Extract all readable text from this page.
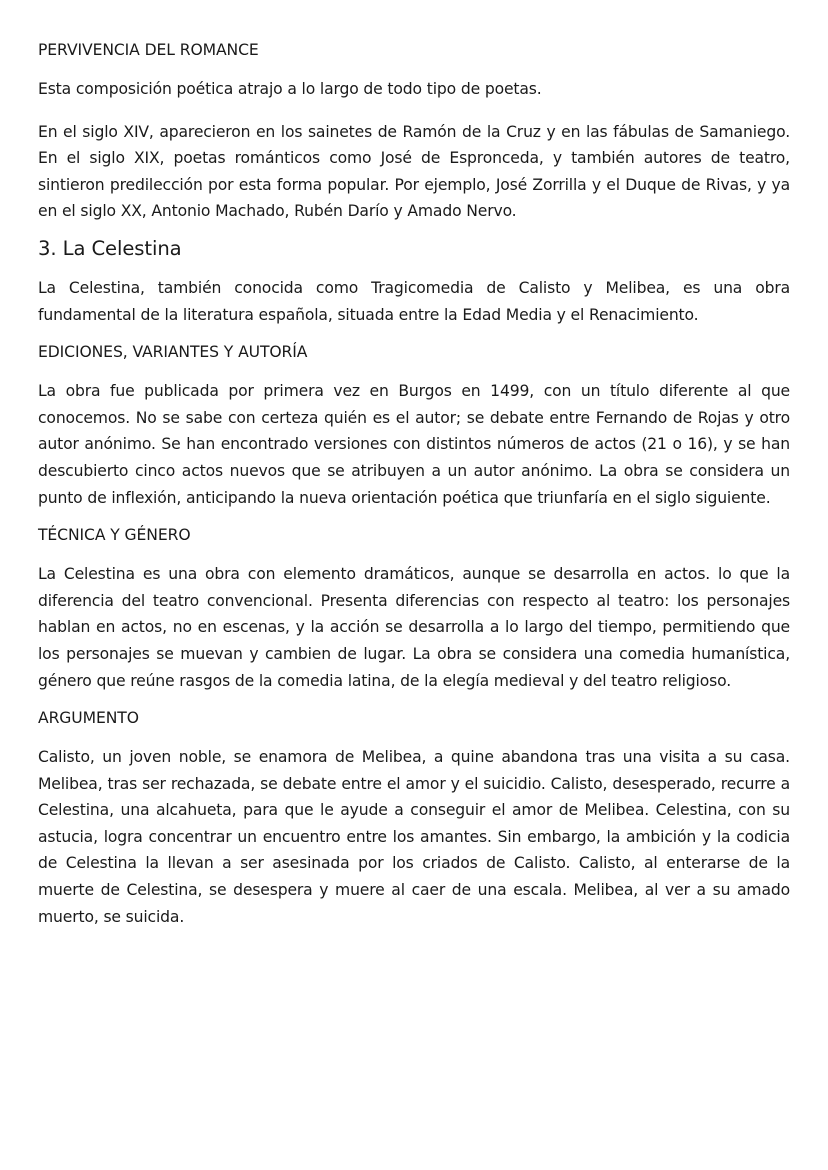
PERVIVENCIA DEL ROMANCE

Esta composición poética atrajo a lo largo de todo tipo de poetas.

En el siglo XIV, aparecieron en los sainetes de Ramón de la Cruz y en las fábulas de Samaniego. En el siglo XIX, poetas románticos como José de Espronceda, y también autores de teatro, sintieron predilección por esta forma popular. Por ejemplo, José Zorrilla y el Duque de Rivas, y ya en el siglo XX, Antonio Machado, Rubén Darío y Amado Nervo.

3. La Celestina

La Celestina, también conocida como Tragicomedia de Calisto y Melibea, es una obra fundamental de la literatura española, situada entre la Edad Media y el Renacimiento.

EDICIONES, VARIANTES Y AUTORÍA

La obra fue publicada por primera vez en Burgos en 1499, con un título diferente al que conocemos. No se sabe con certeza quién es el autor; se debate entre Fernando de Rojas y otro autor anónimo. Se han encontrado versiones con distintos números de actos (21 o 16), y se han descubierto cinco actos nuevos que se atribuyen a un autor anónimo. La obra se considera un punto de inflexión, anticipando la nueva orientación poética que triunfaría en el siglo siguiente.

TÉCNICA Y GÉNERO

La Celestina es una obra con elemento dramáticos, aunque se desarrolla en actos. lo que la diferencia del teatro convencional. Presenta diferencias con respecto al teatro: los personajes hablan en actos, no en escenas, y la acción se desarrolla a lo largo del tiempo, permitiendo que los personajes se muevan y cambien de lugar. La obra se considera una comedia humanística, género que reúne rasgos de la comedia latina, de la elegía medieval y del teatro religioso.

ARGUMENTO

Calisto, un joven noble, se enamora de Melibea, a quine abandona tras una visita a su casa. Melibea, tras ser rechazada, se debate entre el amor y el suicidio. Calisto, desesperado, recurre a Celestina, una alcahueta, para que le ayude a conseguir el amor de Melibea. Celestina, con su astucia, logra concentrar un encuentro entre los amantes. Sin embargo, la ambición y la codicia de Celestina la llevan a ser asesinada por los criados de Calisto. Calisto, al enterarse de la muerte de Celestina, se desespera y muere al caer de una escala. Melibea, al ver a su amado muerto, se suicida.
